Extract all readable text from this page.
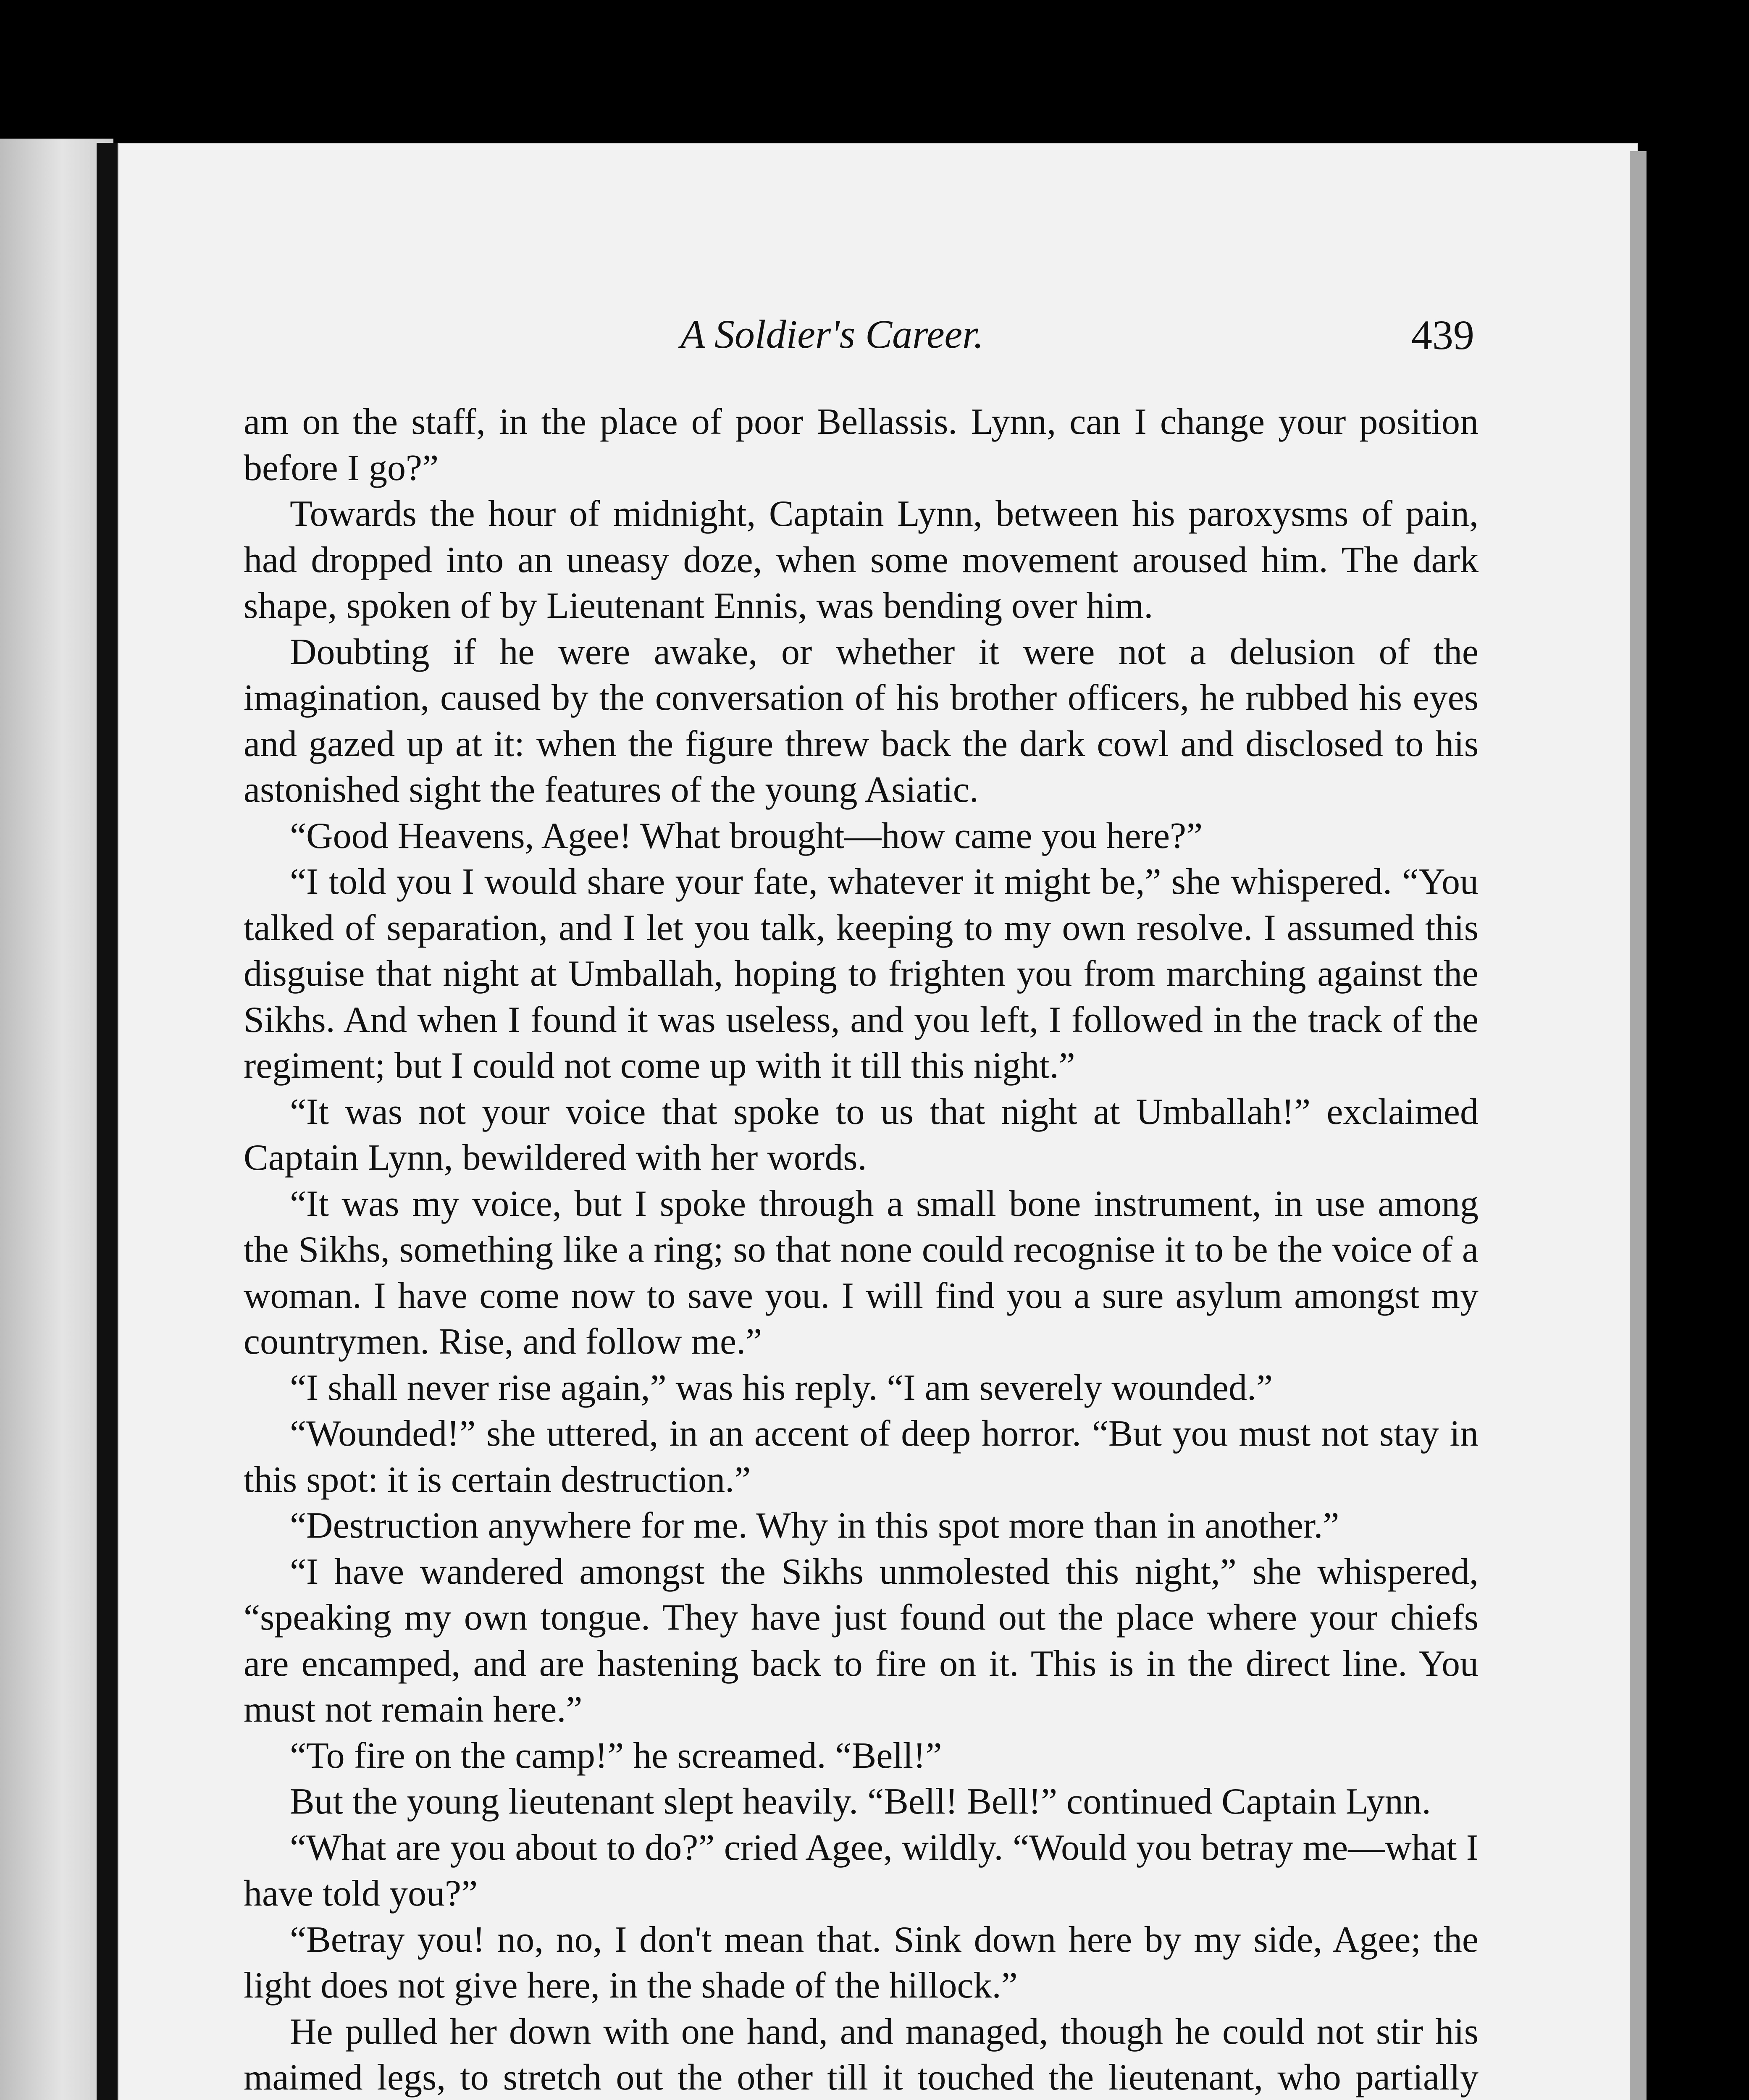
A Soldier's Career.	439

am on the staff, in the place of poor Bellassis. Lynn, can I change your position before I go?”

Towards the hour of midnight, Captain Lynn, between his paroxysms of pain, had dropped into an uneasy doze, when some movement aroused him. The dark shape, spoken of by Lieutenant Ennis, was bending over him.

Doubting if he were awake, or whether it were not a delusion of the imagination, caused by the conversation of his brother officers, he rubbed his eyes and gazed up at it: when the figure threw back the dark cowl and disclosed to his astonished sight the features of the young Asiatic.

“Good Heavens, Agee! What brought—how came you here?”

“I told you I would share your fate, whatever it might be,” she whispered. “You talked of separation, and I let you talk, keeping to my own resolve. I assumed this disguise that night at Umballah, hoping to frighten you from marching against the Sikhs. And when I found it was useless, and you left, I followed in the track of the regiment; but I could not come up with it till this night.”

“It was not your voice that spoke to us that night at Umballah!” exclaimed Captain Lynn, bewildered with her words.

“It was my voice, but I spoke through a small bone instrument, in use among the Sikhs, something like a ring; so that none could recognise it to be the voice of a woman. I have come now to save you. I will find you a sure asylum amongst my countrymen. Rise, and follow me.”

“I shall never rise again,” was his reply. “I am severely wounded.”

“Wounded!” she uttered, in an accent of deep horror. “But you must not stay in this spot: it is certain destruction.”

“Destruction anywhere for me. Why in this spot more than in another.”

“I have wandered amongst the Sikhs unmolested this night,” she whispered, “speaking my own tongue. They have just found out the place where your chiefs are encamped, and are hastening back to fire on it. This is in the direct line. You must not remain here.”

“To fire on the camp!” he screamed. “Bell!”

But the young lieutenant slept heavily. “Bell! Bell!” continued Captain Lynn.

“What are you about to do?” cried Agee, wildly. “Would you betray me—what I have told you?”

“Betray you! no, no, I don't mean that. Sink down here by my side, Agee; the light does not give here, in the shade of the hillock.”

He pulled her down with one hand, and managed, though he could not stir his maimed legs, to stretch out the other till it touched the lieutenant, who partially
